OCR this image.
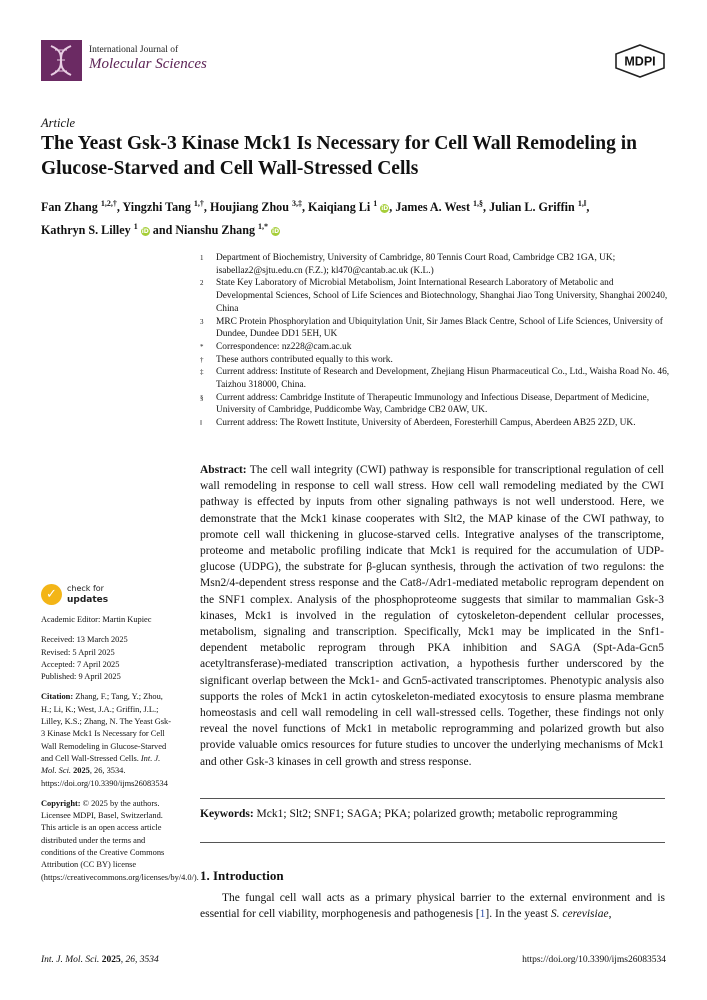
International Journal of
Molecular Sciences	MDPI
Article
The Yeast Gsk-3 Kinase Mck1 Is Necessary for Cell Wall Remodeling in Glucose-Starved and Cell Wall-Stressed Cells
Fan Zhang $^{1,2,\dagger}$, Yingzhi Tang $^{1,\dagger}$, Houjiang Zhou $^{3,\ddagger}$, Kaiqiang Li $^1$ iD, James A. West $^{1,\S}$, Julian L. Griffin $^{1,‖}$,
Kathryn S. Lilley $^1$ iD and Nianshu Zhang $^{1,*}$ iD
1	Department of Biochemistry, University of Cambridge, 80 Tennis Court Road, Cambridge CB2 1GA, UK; isabellaz2@sjtu.edu.cn (F.Z.); kl470@cantab.ac.uk (K.L.)
2	State Key Laboratory of Microbial Metabolism, Joint International Research Laboratory of Metabolic and Developmental Sciences, School of Life Sciences and Biotechnology, Shanghai Jiao Tong University, Shanghai 200240, China
3	MRC Protein Phosphorylation and Ubiquitylation Unit, Sir James Black Centre, School of Life Sciences, University of Dundee, Dundee DD1 5EH, UK
*	Correspondence: nz228@cam.ac.uk
†	These authors contributed equally to this work.
‡	Current address: Institute of Research and Development, Zhejiang Hisun Pharmaceutical Co., Ltd., Waisha Road No. 46, Taizhou 318000, China.
§	Current address: Cambridge Institute of Therapeutic Immunology and Infectious Disease, Department of Medicine, University of Cambridge, Puddicombe Way, Cambridge CB2 0AW, UK.
‖	Current address: The Rowett Institute, University of Aberdeen, Foresterhill Campus, Aberdeen AB25 2ZD, UK.

Abstract: The cell wall integrity (CWI) pathway is responsible for transcriptional regulation of cell wall remodeling in response to cell wall stress. How cell wall remodeling mediated by the CWI pathway is effected by inputs from other signaling pathways is not well understood. Here, we demonstrate that the Mck1 kinase cooperates with Slt2, the MAP kinase of the CWI pathway, to promote cell wall thickening in glucose-starved cells. Integrative analyses of the transcriptome, proteome and metabolic profiling indicate that Mck1 is required for the accumulation of UDP-glucose (UDPG), the substrate for β-glucan synthesis, through the activation of two regulons: the Msn2/4-dependent stress response and the Cat8-/Adr1-mediated metabolic reprogram dependent on the SNF1 complex. Analysis of the phosphoproteome suggests that similar to mammalian Gsk-3 kinases, Mck1 is involved in the regulation of cytoskeleton-dependent cellular processes, metabolism, signaling and transcription. Specifically, Mck1 may be implicated in the Snf1-dependent metabolic reprogram through PKA inhibition and SAGA (Spt-Ada-Gcn5 acetyltransferase)-mediated transcription activation, a hypothesis further underscored by the significant overlap between the Mck1- and Gcn5-activated transcriptomes. Phenotypic analysis also supports the roles of Mck1 in actin cytoskeleton-mediated exocytosis to ensure plasma membrane homeostasis and cell wall remodeling in cell wall-stressed cells. Together, these findings not only reveal the novel functions of Mck1 in metabolic reprogramming and polarized growth but also provide valuable omics resources for future studies to uncover the underlying mechanisms of Mck1 and other Gsk-3 kinases in cell growth and stress response.

Keywords: Mck1; Slt2; SNF1; SAGA; PKA; polarized growth; metabolic reprogramming

1. Introduction

The fungal cell wall acts as a primary physical barrier to the external environment and is essential for cell viability, morphogenesis and pathogenesis [1]. In the yeast S. cerevisiae,

✓	check for
updates

Academic Editor: Martin Kupiec

Received: 13 March 2025

Revised: 5 April 2025

Accepted: 7 April 2025

Published: 9 April 2025

Citation: Zhang, F.; Tang, Y.; Zhou, H.; Li, K.; West, J.A.; Griffin, J.L.; Lilley, K.S.; Zhang, N. The Yeast Gsk-3 Kinase Mck1 Is Necessary for Cell Wall Remodeling in Glucose-Starved and Cell Wall-Stressed Cells. Int. J. Mol. Sci. 2025, 26, 3534. https://doi.org/10.3390/ijms26083534

Copyright: © 2025 by the authors. Licensee MDPI, Basel, Switzerland. This article is an open access article distributed under the terms and conditions of the Creative Commons Attribution (CC BY) license (https://creativecommons.org/licenses/by/4.0/).

Int. J. Mol. Sci. 2025, 26, 3534	https://doi.org/10.3390/ijms26083534
